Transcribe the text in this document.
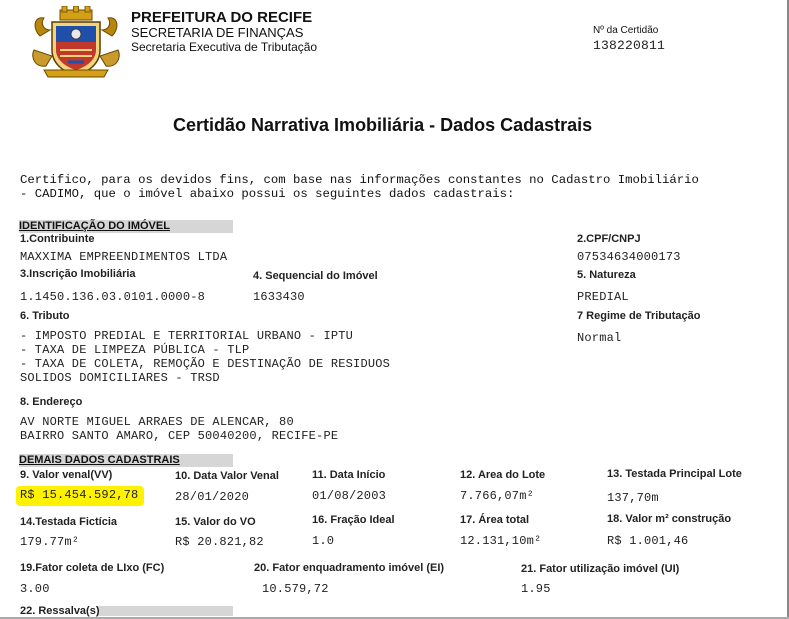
PREFEITURA DO RECIFE
SECRETARIA DE FINANÇAS
Secretaria Executiva de Tributação
Nº da Certidão
138220811
Certidão Narrativa Imobiliária - Dados Cadastrais
Certifico, para os devidos fins, com base nas informações constantes no Cadastro Imobiliário
- CADIMO, que o imóvel abaixo possui os seguintes dados cadastrais:
IDENTIFICAÇÃO DO IMÓVEL
1.Contribuinte
MAXXIMA EMPREENDIMENTOS LTDA
2.CPF/CNPJ
07534634000173
3.Inscrição Imobiliária
1.1450.136.03.0101.0000-8
4. Sequencial do Imóvel
1633430
5. Natureza
PREDIAL
6. Tributo
- IMPOSTO PREDIAL E TERRITORIAL URBANO - IPTU
- TAXA DE LIMPEZA PÚBLICA - TLP
- TAXA DE COLETA, REMOÇÃO E DESTINAÇÃO DE RESIDUOS
SOLIDOS DOMICILIARES - TRSD
7 Regime de Tributação
Normal
8. Endereço
AV NORTE MIGUEL ARRAES DE ALENCAR, 80
BAIRRO SANTO AMARO, CEP 50040200, RECIFE-PE
DEMAIS DADOS CADASTRAIS
9. Valor venal(VV)
R$ 15.454.592,78
10. Data Valor Venal
28/01/2020
11. Data Início
01/08/2003
12. Area do Lote
7.766,07m²
13. Testada Principal Lote
137,70m
14.Testada Fictícia
179.77m²
15. Valor do VO
R$ 20.821,82
16. Fração Ideal
1.0
17. Área total
12.131,10m²
18. Valor m² construção
R$ 1.001,46
19.Fator coleta de LIxo (FC)
3.00
20. Fator enquadramento imóvel (EI)
10.579,72
21. Fator utilização imóvel (UI)
1.95
22. Ressalva(s)
